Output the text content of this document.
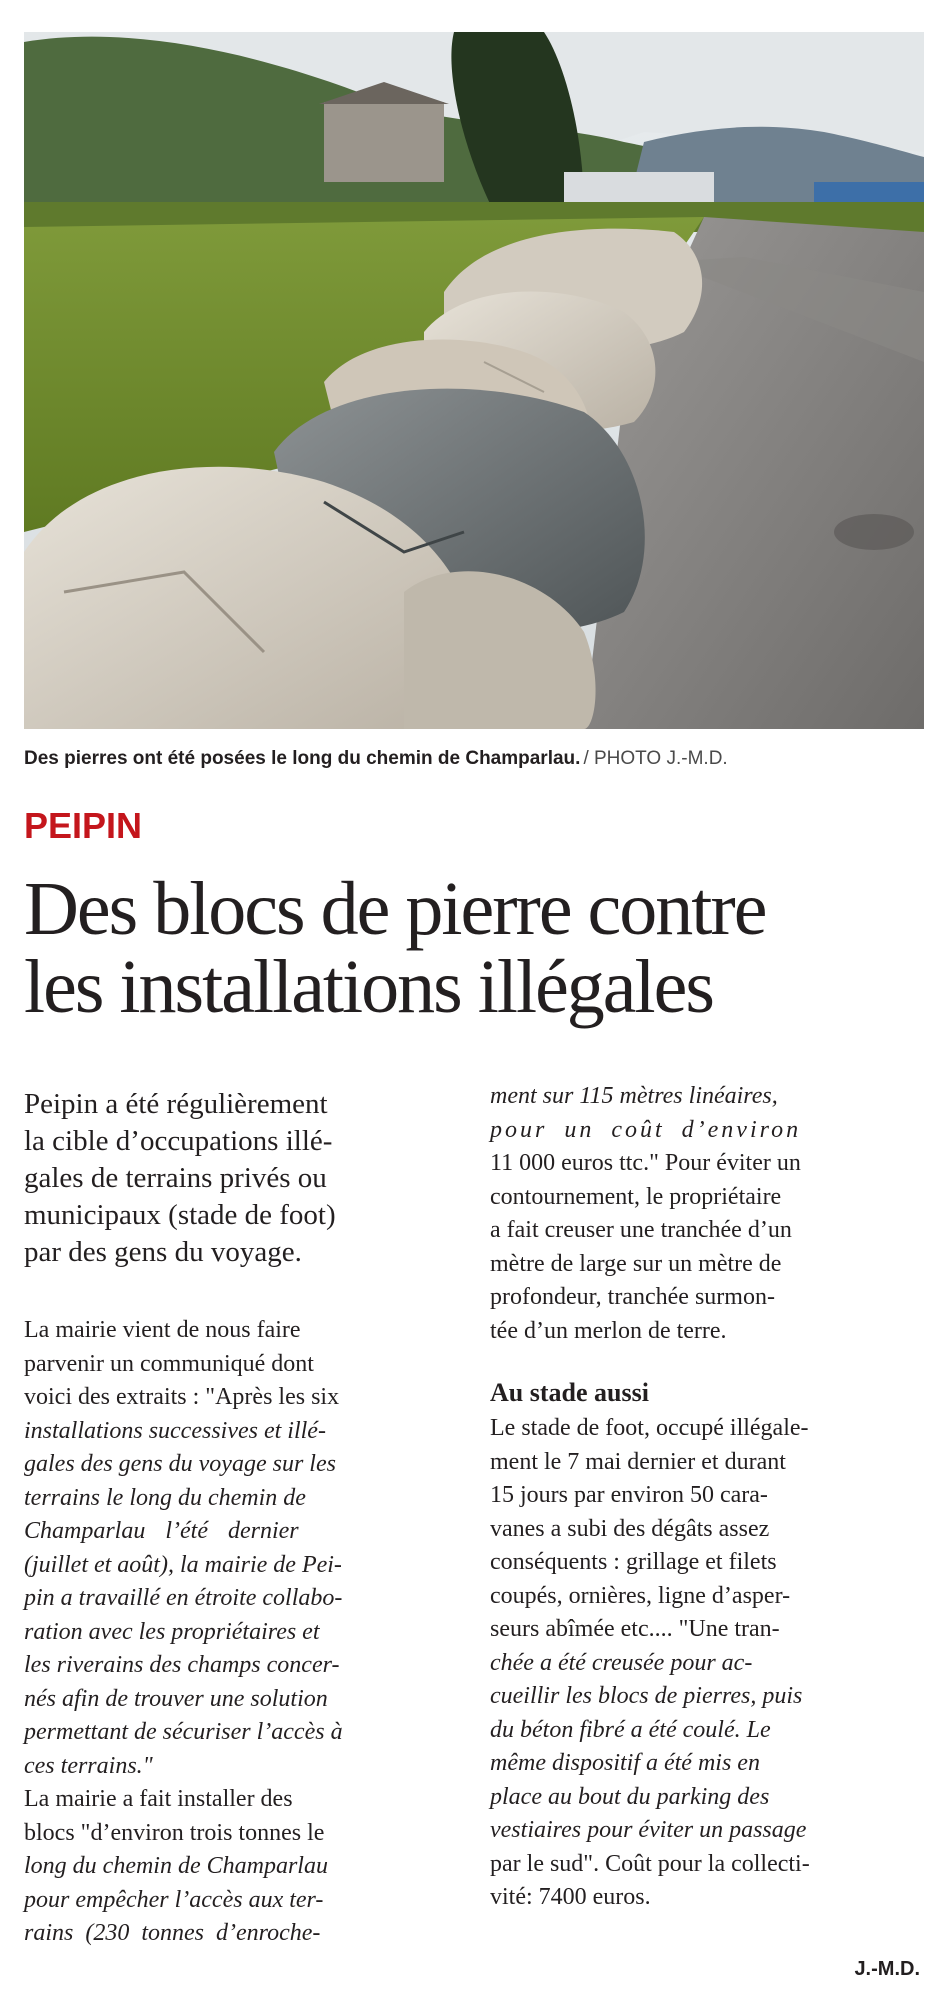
Des pierres ont été posées le long du chemin de Champarlau. / PHOTO J.-M.D.
PEIPIN
Des blocs de pierre contre
les installations illégales
Peipin a été régulièrement
la cible d’occupations illé-
gales de terrains privés ou
municipaux (stade de foot)
par des gens du voyage.
La mairie vient de nous faire
parvenir un communiqué dont
voici des extraits : "Après les six
installations successives et illé-
gales des gens du voyage sur les
terrains le long du chemin de
Champarlau l’été dernier
(juillet et août), la mairie de Pei-
pin a travaillé en étroite collabo-
ration avec les propriétaires et
les riverains des champs concer-
nés afin de trouver une solution
permettant de sécuriser l’accès à
ces terrains."
La mairie a fait installer des
blocs "d’environ trois tonnes le
long du chemin de Champarlau
pour empêcher l’accès aux ter-
rains (230 tonnes d’enroche-
ment sur 115 mètres linéaires,
pour un coût d’environ
11 000 euros ttc." Pour éviter un
contournement, le propriétaire
a fait creuser une tranchée d’un
mètre de large sur un mètre de
profondeur, tranchée surmon-
tée d’un merlon de terre.
Au stade aussi
Le stade de foot, occupé illégale-
ment le 7 mai dernier et durant
15 jours par environ 50 cara-
vanes a subi des dégâts assez
conséquents : grillage et filets
coupés, ornières, ligne d’asper-
seurs abîmée etc.... "Une tran-
chée a été creusée pour ac-
cueillir les blocs de pierres, puis
du béton fibré a été coulé. Le
même dispositif a été mis en
place au bout du parking des
vestiaires pour éviter un passage
par le sud". Coût pour la collecti-
vité: 7400 euros.
J.-M.D.
